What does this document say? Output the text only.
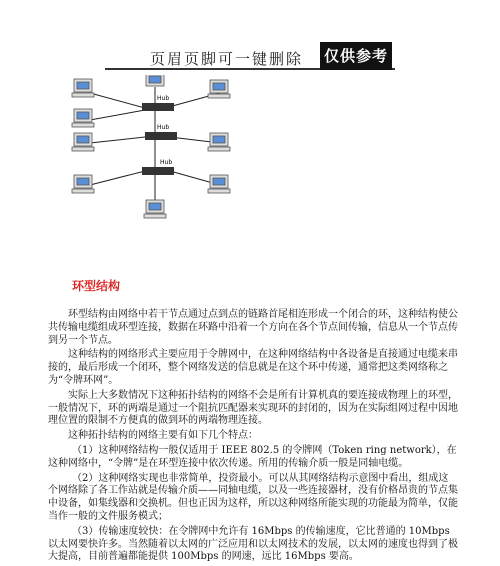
页眉页脚可一键删除 仅供参考
Hub
Hub
Hub
环型结构

环型结构由网络中若干节点通过点到点的链路首尾相连形成一个闭合的环，这种结构使公共传输电缆组成环型连接，数据在环路中沿着一个方向在各个节点间传输，信息从一个节点传到另一个节点。

这种结构的网络形式主要应用于令牌网中，在这种网络结构中各设备是直接通过电缆来串接的，最后形成一个闭环，整个网络发送的信息就是在这个环中传递，通常把这类网络称之为“令牌环网”。

实际上大多数情况下这种拓扑结构的网络不会是所有计算机真的要连接成物理上的环型，一般情况下，环的两端是通过一个阻抗匹配器来实现环的封闭的，因为在实际组网过程中因地理位置的限制不方便真的做到环的两端物理连接。

这种拓扑结构的网络主要有如下几个特点：

（1）这种网络结构一般仅适用于 IEEE 802.5 的令牌网（Token ring network），在这种网络中，“令牌”是在环型连接中依次传递。所用的传输介质一般是同轴电缆。

（2）这种网络实现也非常简单，投资最小。可以从其网络结构示意图中看出，组成这个网络除了各工作站就是传输介质——同轴电缆，以及一些连接器材，没有价格昂贵的节点集中设备，如集线器和交换机。但也正因为这样，所以这种网络所能实现的功能最为简单，仅能当作一般的文件服务模式；

（3）传输速度较快：在令牌网中允许有 16Mbps 的传输速度，它比普通的 10Mbps 以太网要快许多。当然随着以太网的广泛应用和以太网技术的发展，以太网的速度也得到了极大提高，目前普遍都能提供 100Mbps 的网速，远比 16Mbps 要高。
